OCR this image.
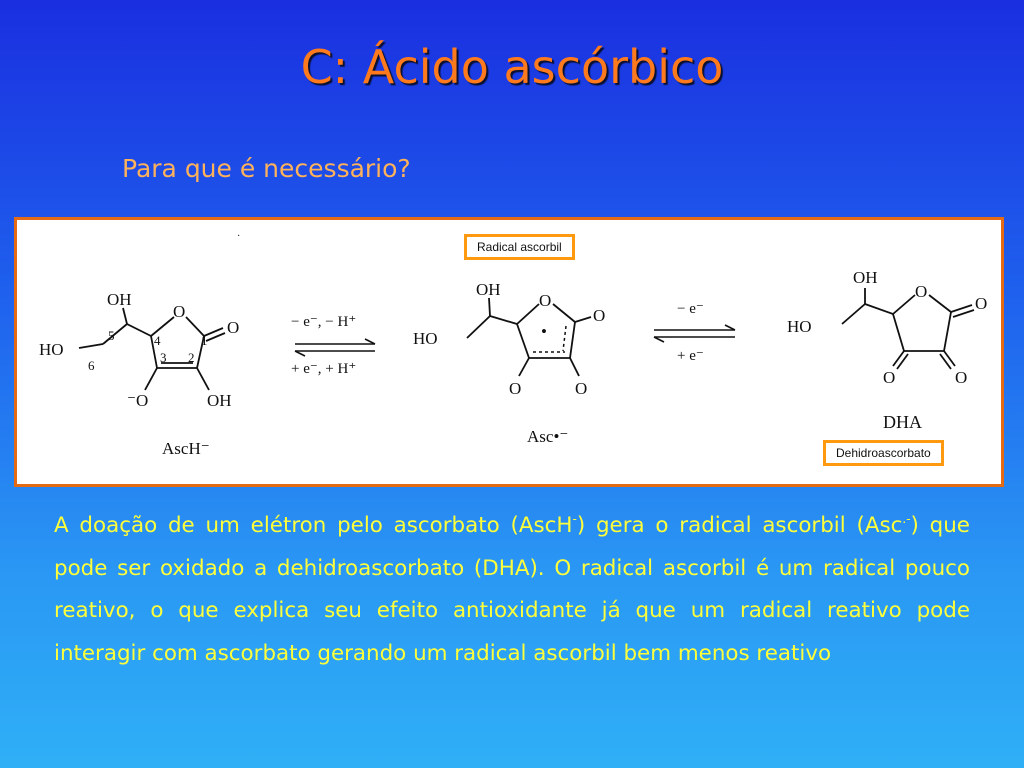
C: Ácido ascórbico
Para que é necessário?
O
O
OH
HO
⁻O	OH
1
2
3
4
5
6
AscH⁻
− e⁻, − H⁺
+ e⁻, + H⁺
O
O
OH
HO
O	O
•
Asc•⁻
− e⁻
+ e⁻
O
O
OH
HO
O	O
DHA
·
Radical ascorbil
Dehidroascorbato
A doação de um elétron pelo ascorbato (AscH-) gera o radical ascorbil (Asc.-) que pode ser oxidado a dehidroascorbato (DHA). O radical ascorbil é um radical pouco reativo, o que explica seu efeito antioxidante já que um radical reativo pode interagir com ascorbato gerando um radical ascorbil bem menos reativo
